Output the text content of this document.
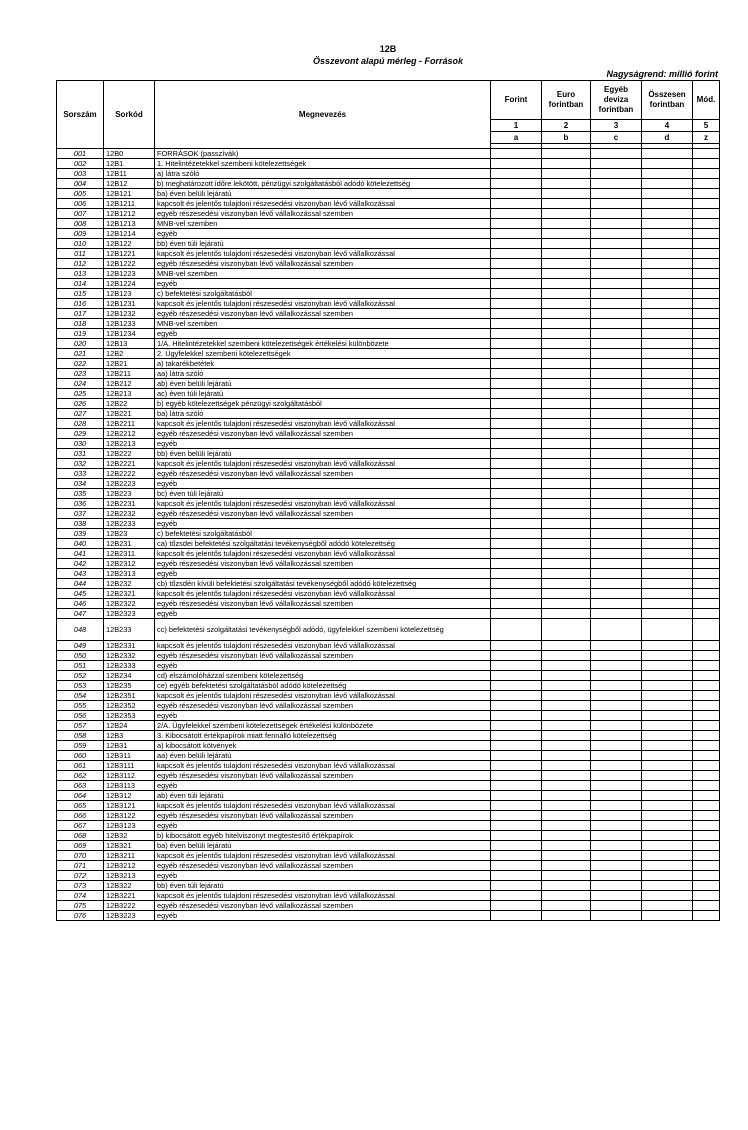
12B
Összevont alapú mérleg - Források
Nagyságrend: millió forint
Sorszám	Sorkód	Megnevezés	Forint	Euro forintban	Egyéb deviza forintban	Összesen forintban	Mód.
			1	2	3	4	5
			a	b	c	d	z

001	12B0	FORRÁSOK (passzívák)					
002	12B1	1. Hitelintézetekkel szembeni kötelezettségek					
003	12B11	a) látra szóló					
004	12B12	b) meghatározott időre lekötött, pénzügyi szolgáltatásból adódó kötelezettség					
005	12B121	ba) éven belüli lejáratú					
006	12B1211	kapcsolt és jelentős tulajdoni részesedési viszonyban lévő vállalkozással					
007	12B1212	egyéb részesedési viszonyban lévő vállalkozással szemben					
008	12B1213	MNB-vel szemben					
009	12B1214	egyéb					
010	12B122	bb) éven túli lejáratú					
011	12B1221	kapcsolt és jelentős tulajdoni részesedési viszonyban lévő vállalkozással					
012	12B1222	egyéb részesedési viszonyban lévő vállalkozással szemben					
013	12B1223	MNB-vel szemben					
014	12B1224	egyéb					
015	12B123	c) befektetési szolgáltatásból					
016	12B1231	kapcsolt és jelentős tulajdoni részesedési viszonyban lévő vállalkozással					
017	12B1232	egyéb részesedési viszonyban lévő vállalkozással szemben					
018	12B1233	MNB-vel szemben					
019	12B1234	egyéb					
020	12B13	1/A. Hitelintézetekkel szembeni kötelezettségek értékelési különbözete					
021	12B2	2. Ügyfelekkel szembeni kötelezettségek					
022	12B21	a) takarékbetétek					
023	12B211	aa) látra szóló					
024	12B212	ab) éven belüli lejáratú					
025	12B213	ac) éven túli lejáratú					
026	12B22	b) egyéb kötelezettségek pénzügyi szolgáltatásból					
027	12B221	ba) látra szóló					
028	12B2211	kapcsolt és jelentős tulajdoni részesedési viszonyban lévő vállalkozással					
029	12B2212	egyéb részesedési viszonyban lévő vállalkozással szemben					
030	12B2213	egyéb					
031	12B222	bb) éven belüli lejáratú					
032	12B2221	kapcsolt és jelentős tulajdoni részesedési viszonyban lévő vállalkozással					
033	12B2222	egyéb részesedési viszonyban lévő vállalkozással szemben					
034	12B2223	egyéb					
035	12B223	bc) éven túli lejáratú					
036	12B2231	kapcsolt és jelentős tulajdoni részesedési viszonyban lévő vállalkozással					
037	12B2232	egyéb részesedési viszonyban lévő vállalkozással szemben					
038	12B2233	egyéb					
039	12B23	c) befektetési szolgáltatásból					
040	12B231	ca) tőzsdei befektetési szolgáltatási tevékenységből adódó kötelezettség					
041	12B2311	kapcsolt és jelentős tulajdoni részesedési viszonyban lévő vállalkozással					
042	12B2312	egyéb részesedési viszonyban lévő vállalkozással szemben					
043	12B2313	egyéb					
044	12B232	cb) tőzsdén kívüli befektetési szolgáltatási tevékenységből adódó kötelezettség					
045	12B2321	kapcsolt és jelentős tulajdoni részesedési viszonyban lévő vállalkozással					
046	12B2322	egyéb részesedési viszonyban lévő vállalkozással szemben					
047	12B2323	egyéb					
048	12B233	cc) befektetési szolgáltatási tevékenységből adódó, ügyfelekkel szembeni kötelezettség					
049	12B2331	kapcsolt és jelentős tulajdoni részesedési viszonyban lévő vállalkozással					
050	12B2332	egyéb részesedési viszonyban lévő vállalkozással szemben					
051	12B2333	egyéb					
052	12B234	cd) elszámolóházzal szembeni kötelezettség					
053	12B235	ce) egyéb befektetési szolgáltatásból adódó kötelezettség					
054	12B2351	kapcsolt és jelentős tulajdoni részesedési viszonyban lévő vállalkozással					
055	12B2352	egyéb részesedési viszonyban lévő vállalkozással szemben					
056	12B2353	egyéb					
057	12B24	2/A. Ügyfelekkel szembeni kötelezettségek értékelési különbözete					
058	12B3	3. Kibocsátott értékpapírok miatt fennálló kötelezettség					
059	12B31	a) kibocsátott kötvények					
060	12B311	aa) éven belüli lejáratú					
061	12B3111	kapcsolt és jelentős tulajdoni részesedési viszonyban lévő vállalkozással					
062	12B3112	egyéb részesedési viszonyban lévő vállalkozással szemben					
063	12B3113	egyéb					
064	12B312	ab) éven túli lejáratú					
065	12B3121	kapcsolt és jelentős tulajdoni részesedési viszonyban lévő vállalkozással					
066	12B3122	egyéb részesedési viszonyban lévő vállalkozással szemben					
067	12B3123	egyéb					
068	12B32	b) kibocsátott egyéb hitelviszonyt megtestesítő értékpapírok					
069	12B321	ba) éven belüli lejáratú					
070	12B3211	kapcsolt és jelentős tulajdoni részesedési viszonyban lévő vállalkozással					
071	12B3212	egyéb részesedési viszonyban lévő vállalkozással szemben					
072	12B3213	egyéb					
073	12B322	bb) éven túli lejáratú					
074	12B3221	kapcsolt és jelentős tulajdoni részesedési viszonyban lévő vállalkozással					
075	12B3222	egyéb részesedési viszonyban lévő vállalkozással szemben					
076	12B3223	egyéb					
